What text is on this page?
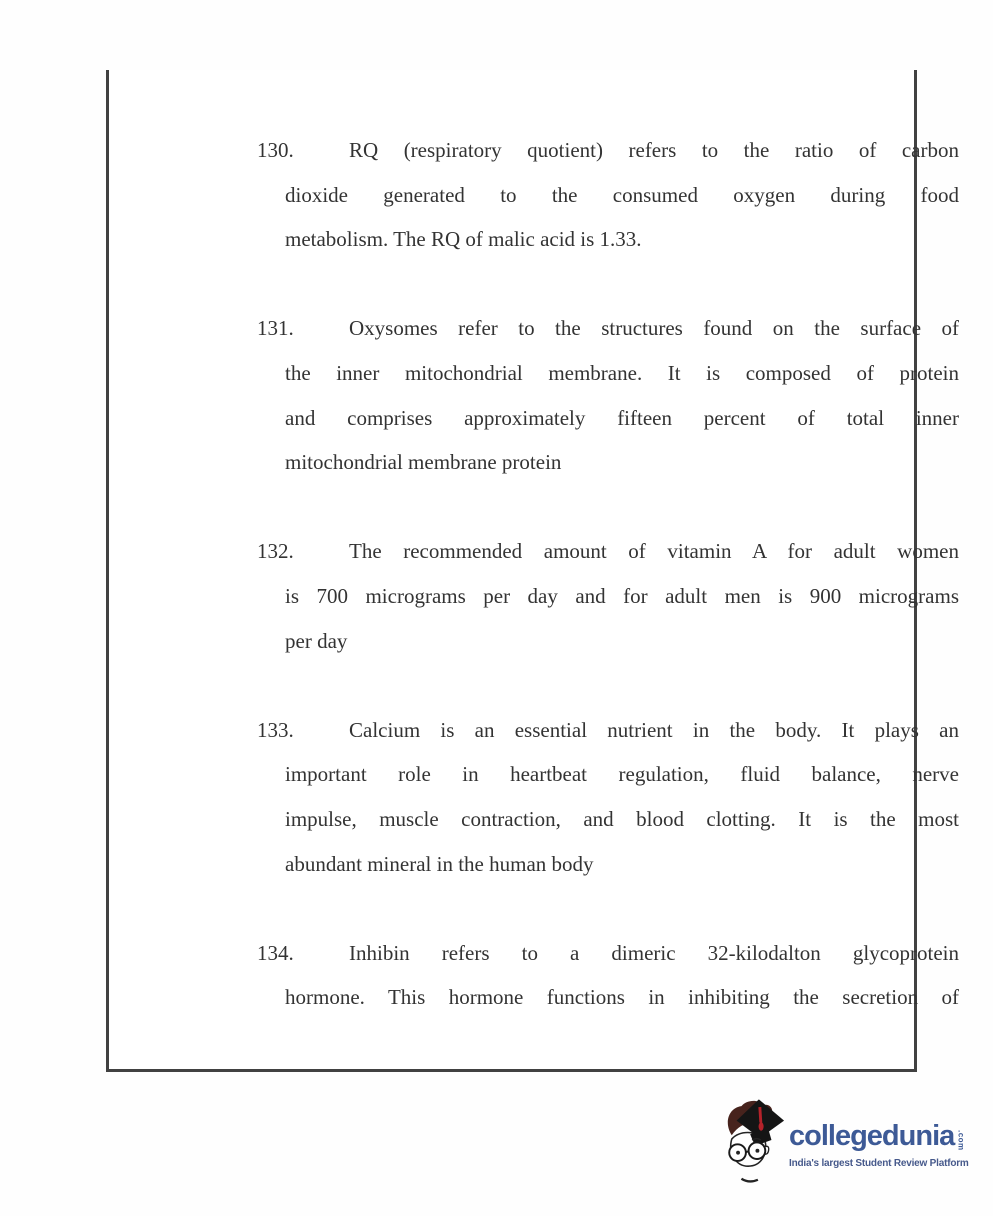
130.	RQ (respiratory quotient) refers to the ratio of carbon
dioxide generated to the consumed oxygen during food
metabolism. The RQ of malic acid is 1.33.
131.	Oxysomes refer to the structures found on the surface of
the inner mitochondrial membrane. It is composed of protein
and comprises approximately fifteen percent of total inner
mitochondrial membrane protein
132.	The recommended amount of vitamin A for adult women
is 700 micrograms per day and for adult men is 900 micrograms
per day
133.	Calcium is an essential nutrient in the body. It plays an
important role in heartbeat regulation, fluid balance, nerve
impulse, muscle contraction, and blood clotting. It is the most
abundant mineral in the human body
134.	Inhibin refers to a dimeric 32-kilodalton glycoprotein
hormone. This hormone functions in inhibiting the secretion of
collegedunia .com
India's largest Student Review Platform
